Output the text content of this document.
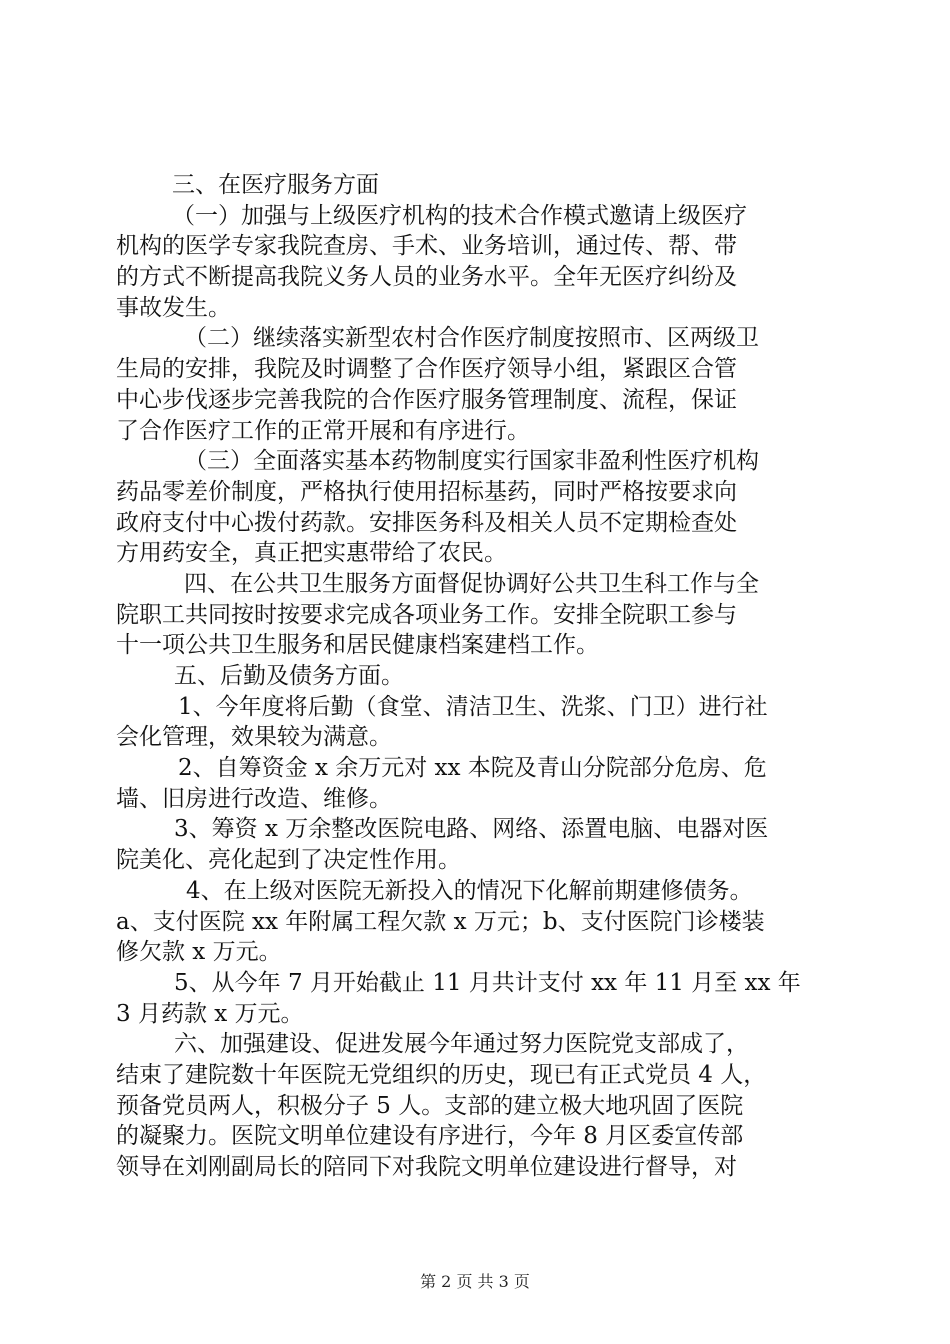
三、在医疗服务方面
（一）加强与上级医疗机构的技术合作模式邀请上级医疗
机构的医学专家我院查房、手术、业务培训，通过传、帮、带
的方式不断提高我院义务人员的业务水平。全年无医疗纠纷及
事故发生。
（二）继续落实新型农村合作医疗制度按照市、区两级卫
生局的安排，我院及时调整了合作医疗领导小组，紧跟区合管
中心步伐逐步完善我院的合作医疗服务管理制度、流程，保证
了合作医疗工作的正常开展和有序进行。
（三）全面落实基本药物制度实行国家非盈利性医疗机构
药品零差价制度，严格执行使用招标基药，同时严格按要求向
政府支付中心拨付药款。安排医务科及相关人员不定期检查处
方用药安全，真正把实惠带给了农民。
四、在公共卫生服务方面督促协调好公共卫生科工作与全
院职工共同按时按要求完成各项业务工作。安排全院职工参与
十一项公共卫生服务和居民健康档案建档工作。
五、后勤及债务方面。
1、今年度将后勤（食堂、清洁卫生、洗浆、门卫）进行社
会化管理，效果较为满意。
2、自筹资金 x 余万元对 xx 本院及青山分院部分危房、危
墙、旧房进行改造、维修。
3、筹资 x 万余整改医院电路、网络、添置电脑、电器对医
院美化、亮化起到了决定性作用。
4、在上级对医院无新投入的情况下化解前期建修债务。
a、支付医院 xx 年附属工程欠款 x 万元；b、支付医院门诊楼装
修欠款 x 万元。
5、从今年 7 月开始截止 11 月共计支付 xx 年 11 月至 xx 年
3 月药款 x 万元。
六、加强建设、促进发展今年通过努力医院党支部成了，
结束了建院数十年医院无党组织的历史，现已有正式党员 4 人，
预备党员两人，积极分子 5 人。支部的建立极大地巩固了医院
的凝聚力。医院文明单位建设有序进行，今年 8 月区委宣传部
领导在刘刚副局长的陪同下对我院文明单位建设进行督导，对
第 2 页 共 3 页
